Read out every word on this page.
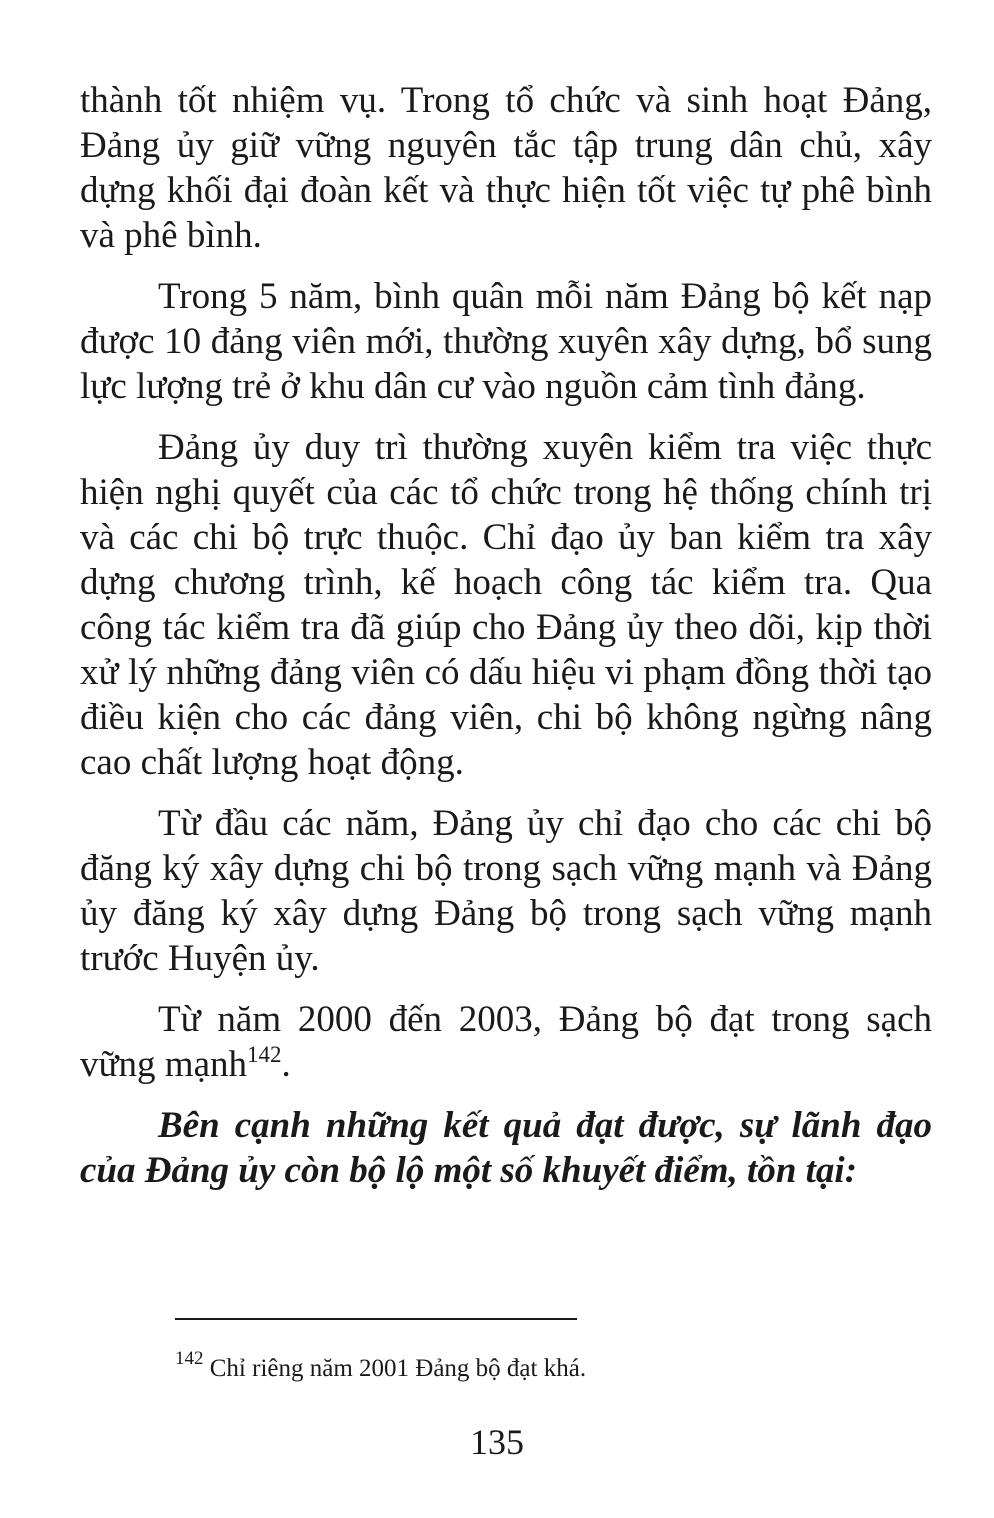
thành tốt nhiệm vụ. Trong tổ chức và sinh hoạt Đảng, Đảng ủy giữ vững nguyên tắc tập trung dân chủ, xây dựng khối đại đoàn kết và thực hiện tốt việc tự phê bình và phê bình.

Trong 5 năm, bình quân mỗi năm Đảng bộ kết nạp được 10 đảng viên mới, thường xuyên xây dựng, bổ sung lực lượng trẻ ở khu dân cư vào nguồn cảm tình đảng.

Đảng ủy duy trì thường xuyên kiểm tra việc thực hiện nghị quyết của các tổ chức trong hệ thống chính trị và các chi bộ trực thuộc. Chỉ đạo ủy ban kiểm tra xây dựng chương trình, kế hoạch công tác kiểm tra. Qua công tác kiểm tra đã giúp cho Đảng ủy theo dõi, kịp thời xử lý những đảng viên có dấu hiệu vi phạm đồng thời tạo điều kiện cho các đảng viên, chi bộ không ngừng nâng cao chất lượng hoạt động.

Từ đầu các năm, Đảng ủy chỉ đạo cho các chi bộ đăng ký xây dựng chi bộ trong sạch vững mạnh và Đảng ủy đăng ký xây dựng Đảng bộ trong sạch vững mạnh trước Huyện ủy.

Từ năm 2000 đến 2003, Đảng bộ đạt trong sạch vững mạnh$^{142}$.

Bên cạnh những kết quả đạt được, sự lãnh đạo của Đảng ủy còn bộ lộ một số khuyết điểm, tồn tại:

$^{142}$ Chỉ riêng năm 2001 Đảng bộ đạt khá.
135
